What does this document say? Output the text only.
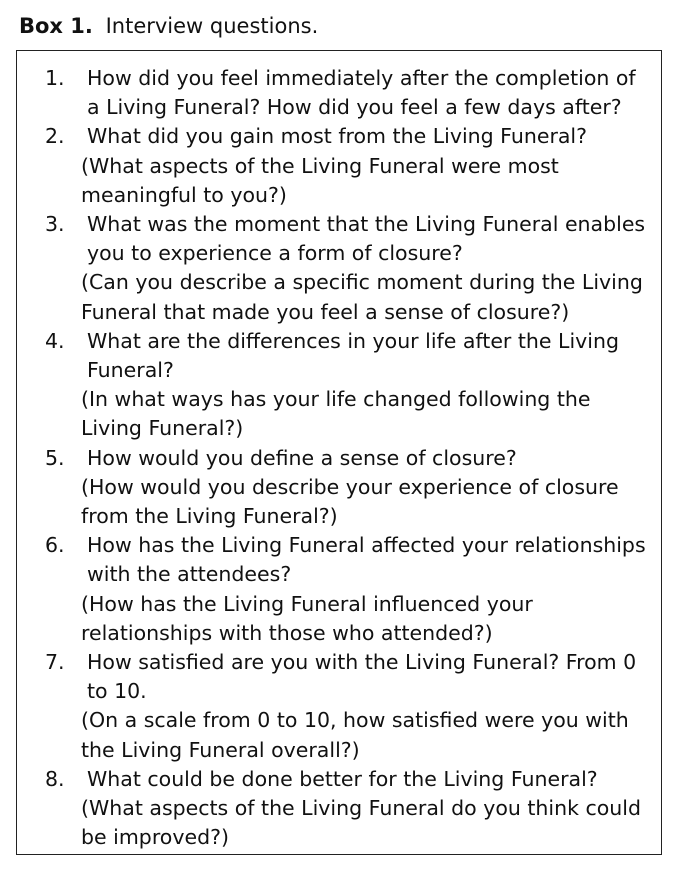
Box 1. Interview questions.
1. How did you feel immediately after the completion of a Living Funeral? How did you feel a few days after?
2. What did you gain most from the Living Funeral?
(What aspects of the Living Funeral were most meaningful to you?)
3. What was the moment that the Living Funeral enables you to experience a form of closure?
(Can you describe a specific moment during the Living Funeral that made you feel a sense of closure?)
4. What are the differences in your life after the Living Funeral?
(In what ways has your life changed following the Living Funeral?)
5. How would you define a sense of closure?
(How would you describe your experience of closure from the Living Funeral?)
6. How has the Living Funeral affected your relationships with the attendees?
(How has the Living Funeral influenced your relationships with those who attended?)
7. How satisfied are you with the Living Funeral? From 0 to 10.
(On a scale from 0 to 10, how satisfied were you with the Living Funeral overall?)
8. What could be done better for the Living Funeral?
(What aspects of the Living Funeral do you think could be improved?)
